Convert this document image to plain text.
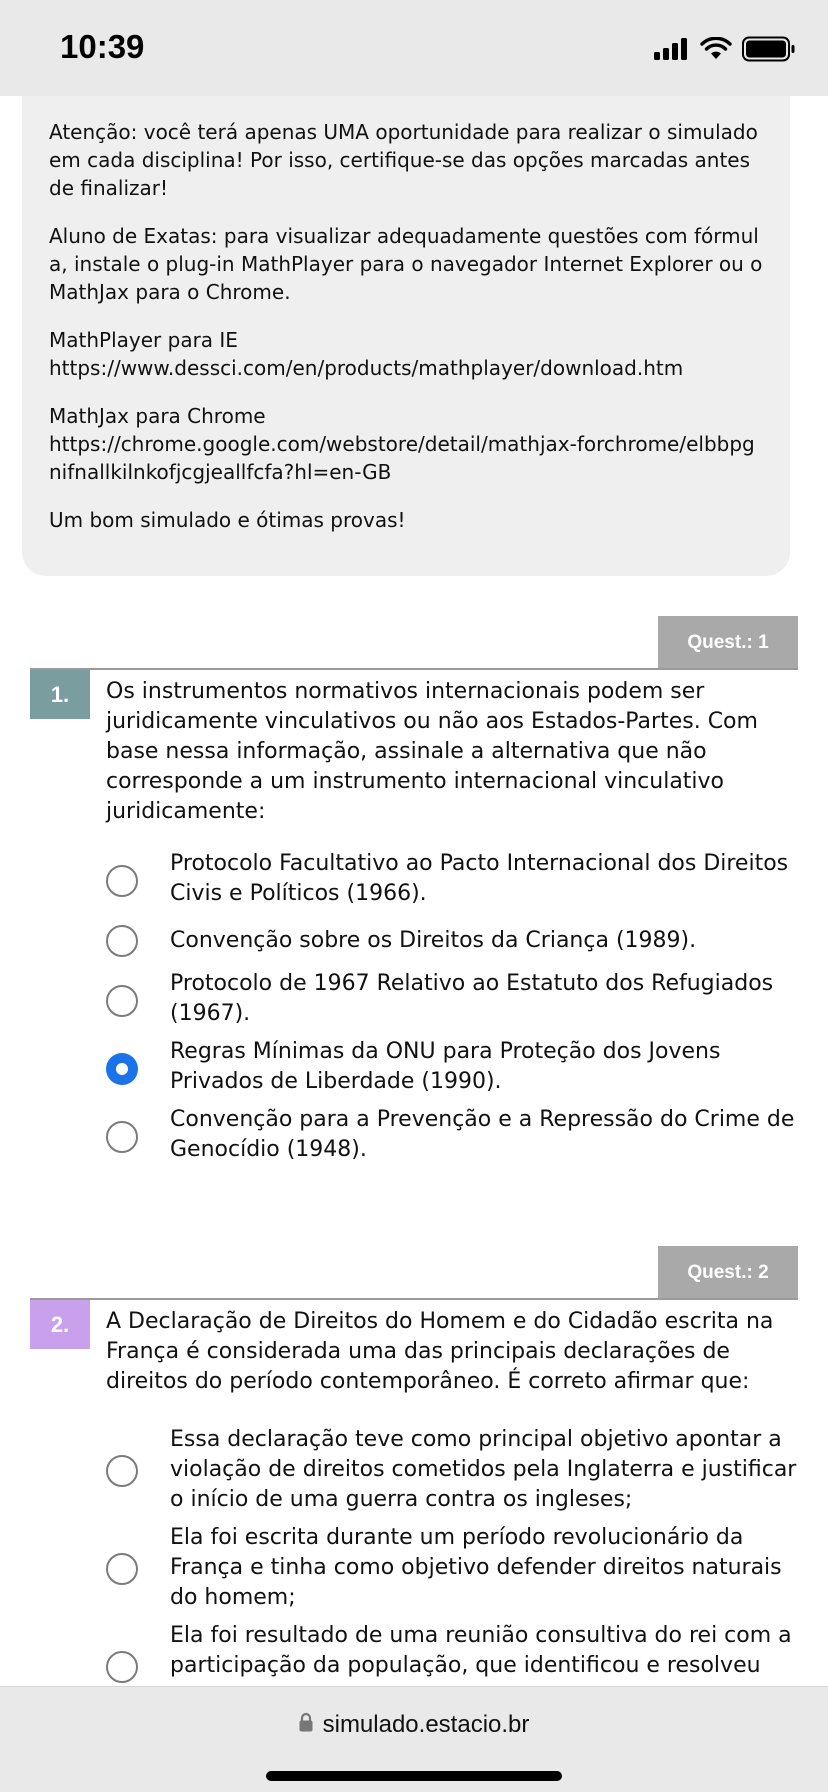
10:39

Atenção: você terá apenas UMA oportunidade para realizar o simulado em cada disciplina! Por isso, certifique-se das opções marcadas antes de finalizar!

Aluno de Exatas: para visualizar adequadamente questões com fórmula, instale o plug-in MathPlayer para o navegador Internet Explorer ou o MathJax para o Chrome.

MathPlayer para IE

https://www.dessci.com/en/products/mathplayer/download.htm

MathJax para Chrome

https://chrome.google.com/webstore/detail/mathjax-forchrome/elbbpgnifnallkilnkofjcgjeallfcfa?hl=en-GB

Um bom simulado e ótimas provas!

Quest.: 1
1.	Os instrumentos normativos internacionais podem ser juridicamente vinculativos ou não aos Estados-Partes. Com base nessa informação, assinale a alternativa que não corresponde a um instrumento internacional vinculativo juridicamente:
Protocolo Facultativo ao Pacto Internacional dos Direitos Civis e Políticos (1966).
Convenção sobre os Direitos da Criança (1989).
Protocolo de 1967 Relativo ao Estatuto dos Refugiados (1967).
Regras Mínimas da ONU para Proteção dos Jovens Privados de Liberdade (1990).
Convenção para a Prevenção e a Repressão do Crime de Genocídio (1948).
Quest.: 2
2.	A Declaração de Direitos do Homem e do Cidadão escrita na França é considerada uma das principais declarações de direitos do período contemporâneo. É correto afirmar que:
Essa declaração teve como principal objetivo apontar a violação de direitos cometidos pela Inglaterra e justificar o início de uma guerra contra os ingleses;
Ela foi escrita durante um período revolucionário da França e tinha como objetivo defender direitos naturais do homem;
Ela foi resultado de uma reunião consultiva do rei com a participação da população, que identificou e resolveu
simulado.estacio.br
